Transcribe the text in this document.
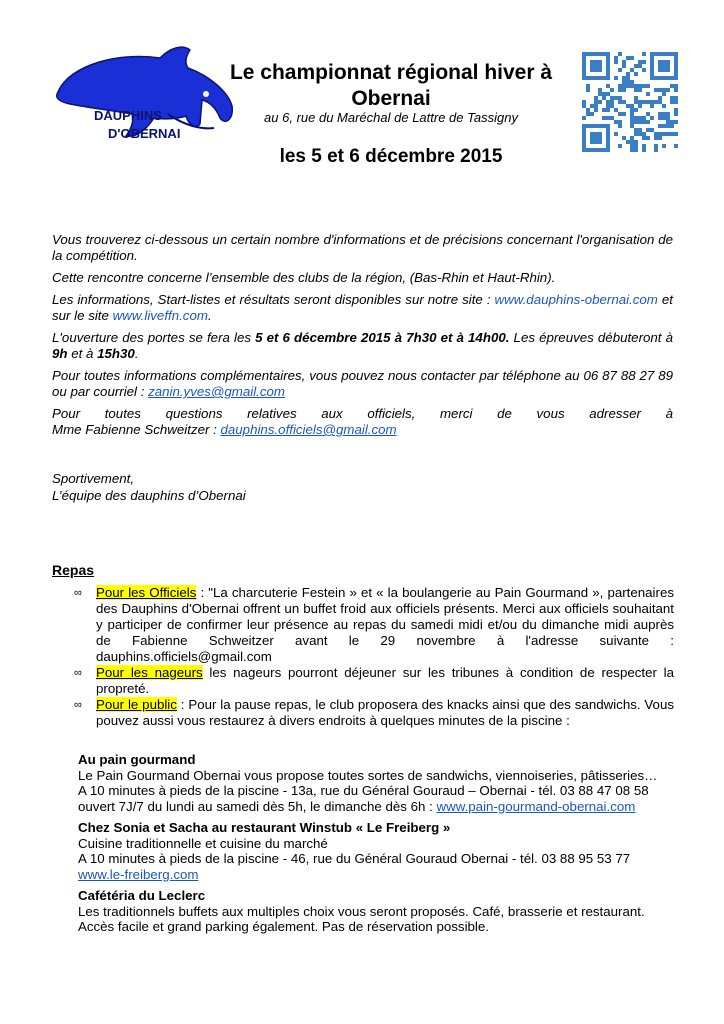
DAUPHINS
D'OBERNAI
Le championnat régional hiver à Obernai
au 6, rue du Maréchal de Lattre de Tassigny
les 5 et 6 décembre 2015

Vous trouverez ci-dessous un certain nombre d'informations et de précisions concernant l'organisation de la compétition.

Cette rencontre concerne l’ensemble des clubs de la région, (Bas-Rhin et Haut-Rhin).

Les informations, Start-listes et résultats seront disponibles sur notre site : www.dauphins-obernai.com et sur le site www.liveffn.com.

L'ouverture des portes se fera les 5 et 6 décembre 2015 à 7h30 et à 14h00. Les épreuves débuteront à 9h et à 15h30.

Pour toutes informations complémentaires, vous pouvez nous contacter par téléphone au 06 87 88 27 89 ou par courriel : zanin.yves@gmail.com

Pour toutes questions relatives aux officiels, merci de vous adresser à

Mme Fabienne Schweitzer : dauphins.officiels@gmail.com

Sportivement,
L’équipe des dauphins d’Obernai
Repas
∞ Pour les Officiels : "La charcuterie Festein » et « la boulangerie au Pain Gourmand », partenaires des Dauphins d'Obernai offrent un buffet froid aux officiels présents. Merci aux officiels souhaitant y participer de confirmer leur présence au repas du samedi midi et/ou du dimanche midi auprès de Fabienne Schweitzer avant le 29 novembre à l'adresse suivante : dauphins.officiels@gmail.com
∞ Pour les nageurs les nageurs pourront déjeuner sur les tribunes à condition de respecter la propreté.
∞ Pour le public : Pour la pause repas, le club proposera des knacks ainsi que des sandwichs. Vous pouvez aussi vous restaurez à divers endroits à quelques minutes de la piscine :
Au pain gourmand

Le Pain Gourmand Obernai vous propose toutes sortes de sandwichs, viennoiseries, pâtisseries…

A 10 minutes à pieds de la piscine - 13a, rue du Général Gouraud – Obernai - tél. 03 88 47 08 58

ouvert 7J/7 du lundi au samedi dès 5h, le dimanche dès 6h : www.pain-gourmand-obernai.com

Chez Sonia et Sacha au restaurant Winstub « Le Freiberg »

Cuisine traditionnelle et cuisine du marché

A 10 minutes à pieds de la piscine - 46, rue du Général Gouraud Obernai - tél. 03 88 95 53 77

www.le-freiberg.com

Cafétéria du Leclerc

Les traditionnels buffets aux multiples choix vous seront proposés. Café, brasserie et restaurant.

Accès facile et grand parking également. Pas de réservation possible.
